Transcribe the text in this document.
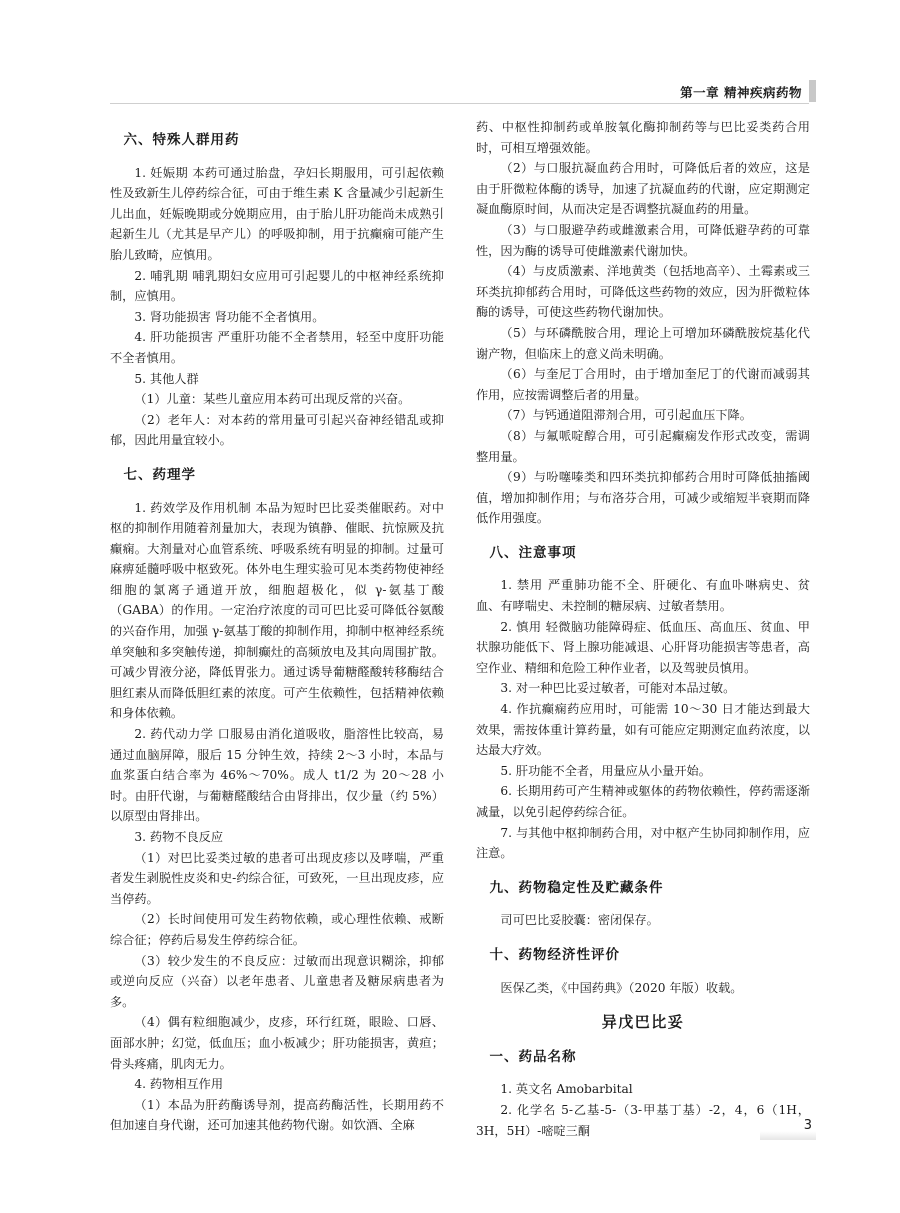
第一章 精神疾病药物
六、特殊人群用药

1. 妊娠期 本药可通过胎盘，孕妇长期服用，可引起依赖性及致新生儿停药综合征，可由于维生素 K 含量减少引起新生儿出血，妊娠晚期或分娩期应用，由于胎儿肝功能尚未成熟引起新生儿（尤其是早产儿）的呼吸抑制，用于抗癫痫可能产生胎儿致畸，应慎用。

2. 哺乳期 哺乳期妇女应用可引起婴儿的中枢神经系统抑制，应慎用。

3. 肾功能损害 肾功能不全者慎用。

4. 肝功能损害 严重肝功能不全者禁用，轻至中度肝功能不全者慎用。

5. 其他人群

（1）儿童：某些儿童应用本药可出现反常的兴奋。

（2）老年人：对本药的常用量可引起兴奋神经错乱或抑郁，因此用量宜较小。

七、药理学

1. 药效学及作用机制 本品为短时巴比妥类催眠药。对中枢的抑制作用随着剂量加大，表现为镇静、催眠、抗惊厥及抗癫痫。大剂量对心血管系统、呼吸系统有明显的抑制。过量可麻痹延髓呼吸中枢致死。体外电生理实验可见本类药物使神经细胞的氯离子通道开放，细胞超极化，似 γ-氨基丁酸（GABA）的作用。一定治疗浓度的司可巴比妥可降低谷氨酸的兴奋作用，加强 γ-氨基丁酸的抑制作用，抑制中枢神经系统单突触和多突触传递，抑制癫灶的高频放电及其向周围扩散。可减少胃液分泌，降低胃张力。通过诱导葡糖醛酸转移酶结合胆红素从而降低胆红素的浓度。可产生依赖性，包括精神依赖和身体依赖。

2. 药代动力学 口服易由消化道吸收，脂溶性比较高，易通过血脑屏障，服后 15 分钟生效，持续 2～3 小时，本品与血浆蛋白结合率为 46%～70%。成人 t1/2 为 20～28 小时。由肝代谢，与葡糖醛酸结合由肾排出，仅少量（约 5%）以原型由肾排出。

3. 药物不良反应

（1）对巴比妥类过敏的患者可出现皮疹以及哮喘，严重者发生剥脱性皮炎和史-约综合征，可致死，一旦出现皮疹，应当停药。

（2）长时间使用可发生药物依赖，或心理性依赖、戒断综合征；停药后易发生停药综合征。

（3）较少发生的不良反应：过敏而出现意识糊涂，抑郁或逆向反应（兴奋）以老年患者、儿童患者及糖尿病患者为多。

（4）偶有粒细胞减少，皮疹，环行红斑，眼睑、口唇、面部水肿；幻觉，低血压；血小板减少；肝功能损害，黄疸；骨头疼痛，肌肉无力。

4. 药物相互作用

（1）本品为肝药酶诱导剂，提高药酶活性，长期用药不但加速自身代谢，还可加速其他药物代谢。如饮酒、全麻

药、中枢性抑制药或单胺氧化酶抑制药等与巴比妥类药合用时，可相互增强效能。

（2）与口服抗凝血药合用时，可降低后者的效应，这是由于肝微粒体酶的诱导，加速了抗凝血药的代谢，应定期测定凝血酶原时间，从而决定是否调整抗凝血药的用量。

（3）与口服避孕药或雌激素合用，可降低避孕药的可靠性，因为酶的诱导可使雌激素代谢加快。

（4）与皮质激素、洋地黄类（包括地高辛）、土霉素或三环类抗抑郁药合用时，可降低这些药物的效应，因为肝微粒体酶的诱导，可使这些药物代谢加快。

（5）与环磷酰胺合用，理论上可增加环磷酰胺烷基化代谢产物，但临床上的意义尚未明确。

（6）与奎尼丁合用时，由于增加奎尼丁的代谢而减弱其作用，应按需调整后者的用量。

（7）与钙通道阻滞剂合用，可引起血压下降。

（8）与氟哌啶醇合用，可引起癫痫发作形式改变，需调整用量。

（9）与吩噻嗪类和四环类抗抑郁药合用时可降低抽搐阈值，增加抑制作用；与布洛芬合用，可减少或缩短半衰期而降低作用强度。

八、注意事项

1. 禁用 严重肺功能不全、肝硬化、有血卟啉病史、贫血、有哮喘史、未控制的糖尿病、过敏者禁用。

2. 慎用 轻微脑功能障碍症、低血压、高血压、贫血、甲状腺功能低下、肾上腺功能减退、心肝肾功能损害等患者，高空作业、精细和危险工种作业者，以及驾驶员慎用。

3. 对一种巴比妥过敏者，可能对本品过敏。

4. 作抗癫痫药应用时，可能需 10～30 日才能达到最大效果，需按体重计算药量，如有可能应定期测定血药浓度，以达最大疗效。

5. 肝功能不全者，用量应从小量开始。

6. 长期用药可产生精神或躯体的药物依赖性，停药需逐渐减量，以免引起停药综合征。

7. 与其他中枢抑制药合用，对中枢产生协同抑制作用，应注意。

九、药物稳定性及贮藏条件

司可巴比妥胶囊：密闭保存。

十、药物经济性评价

医保乙类，《中国药典》（2020 年版）收载。

异戊巴比妥
一、药品名称

1. 英文名 Amobarbital

2. 化学名 5-乙基-5-（3-甲基丁基）-2，4，6（1H，3H，5H）-嘧啶三酮	3
